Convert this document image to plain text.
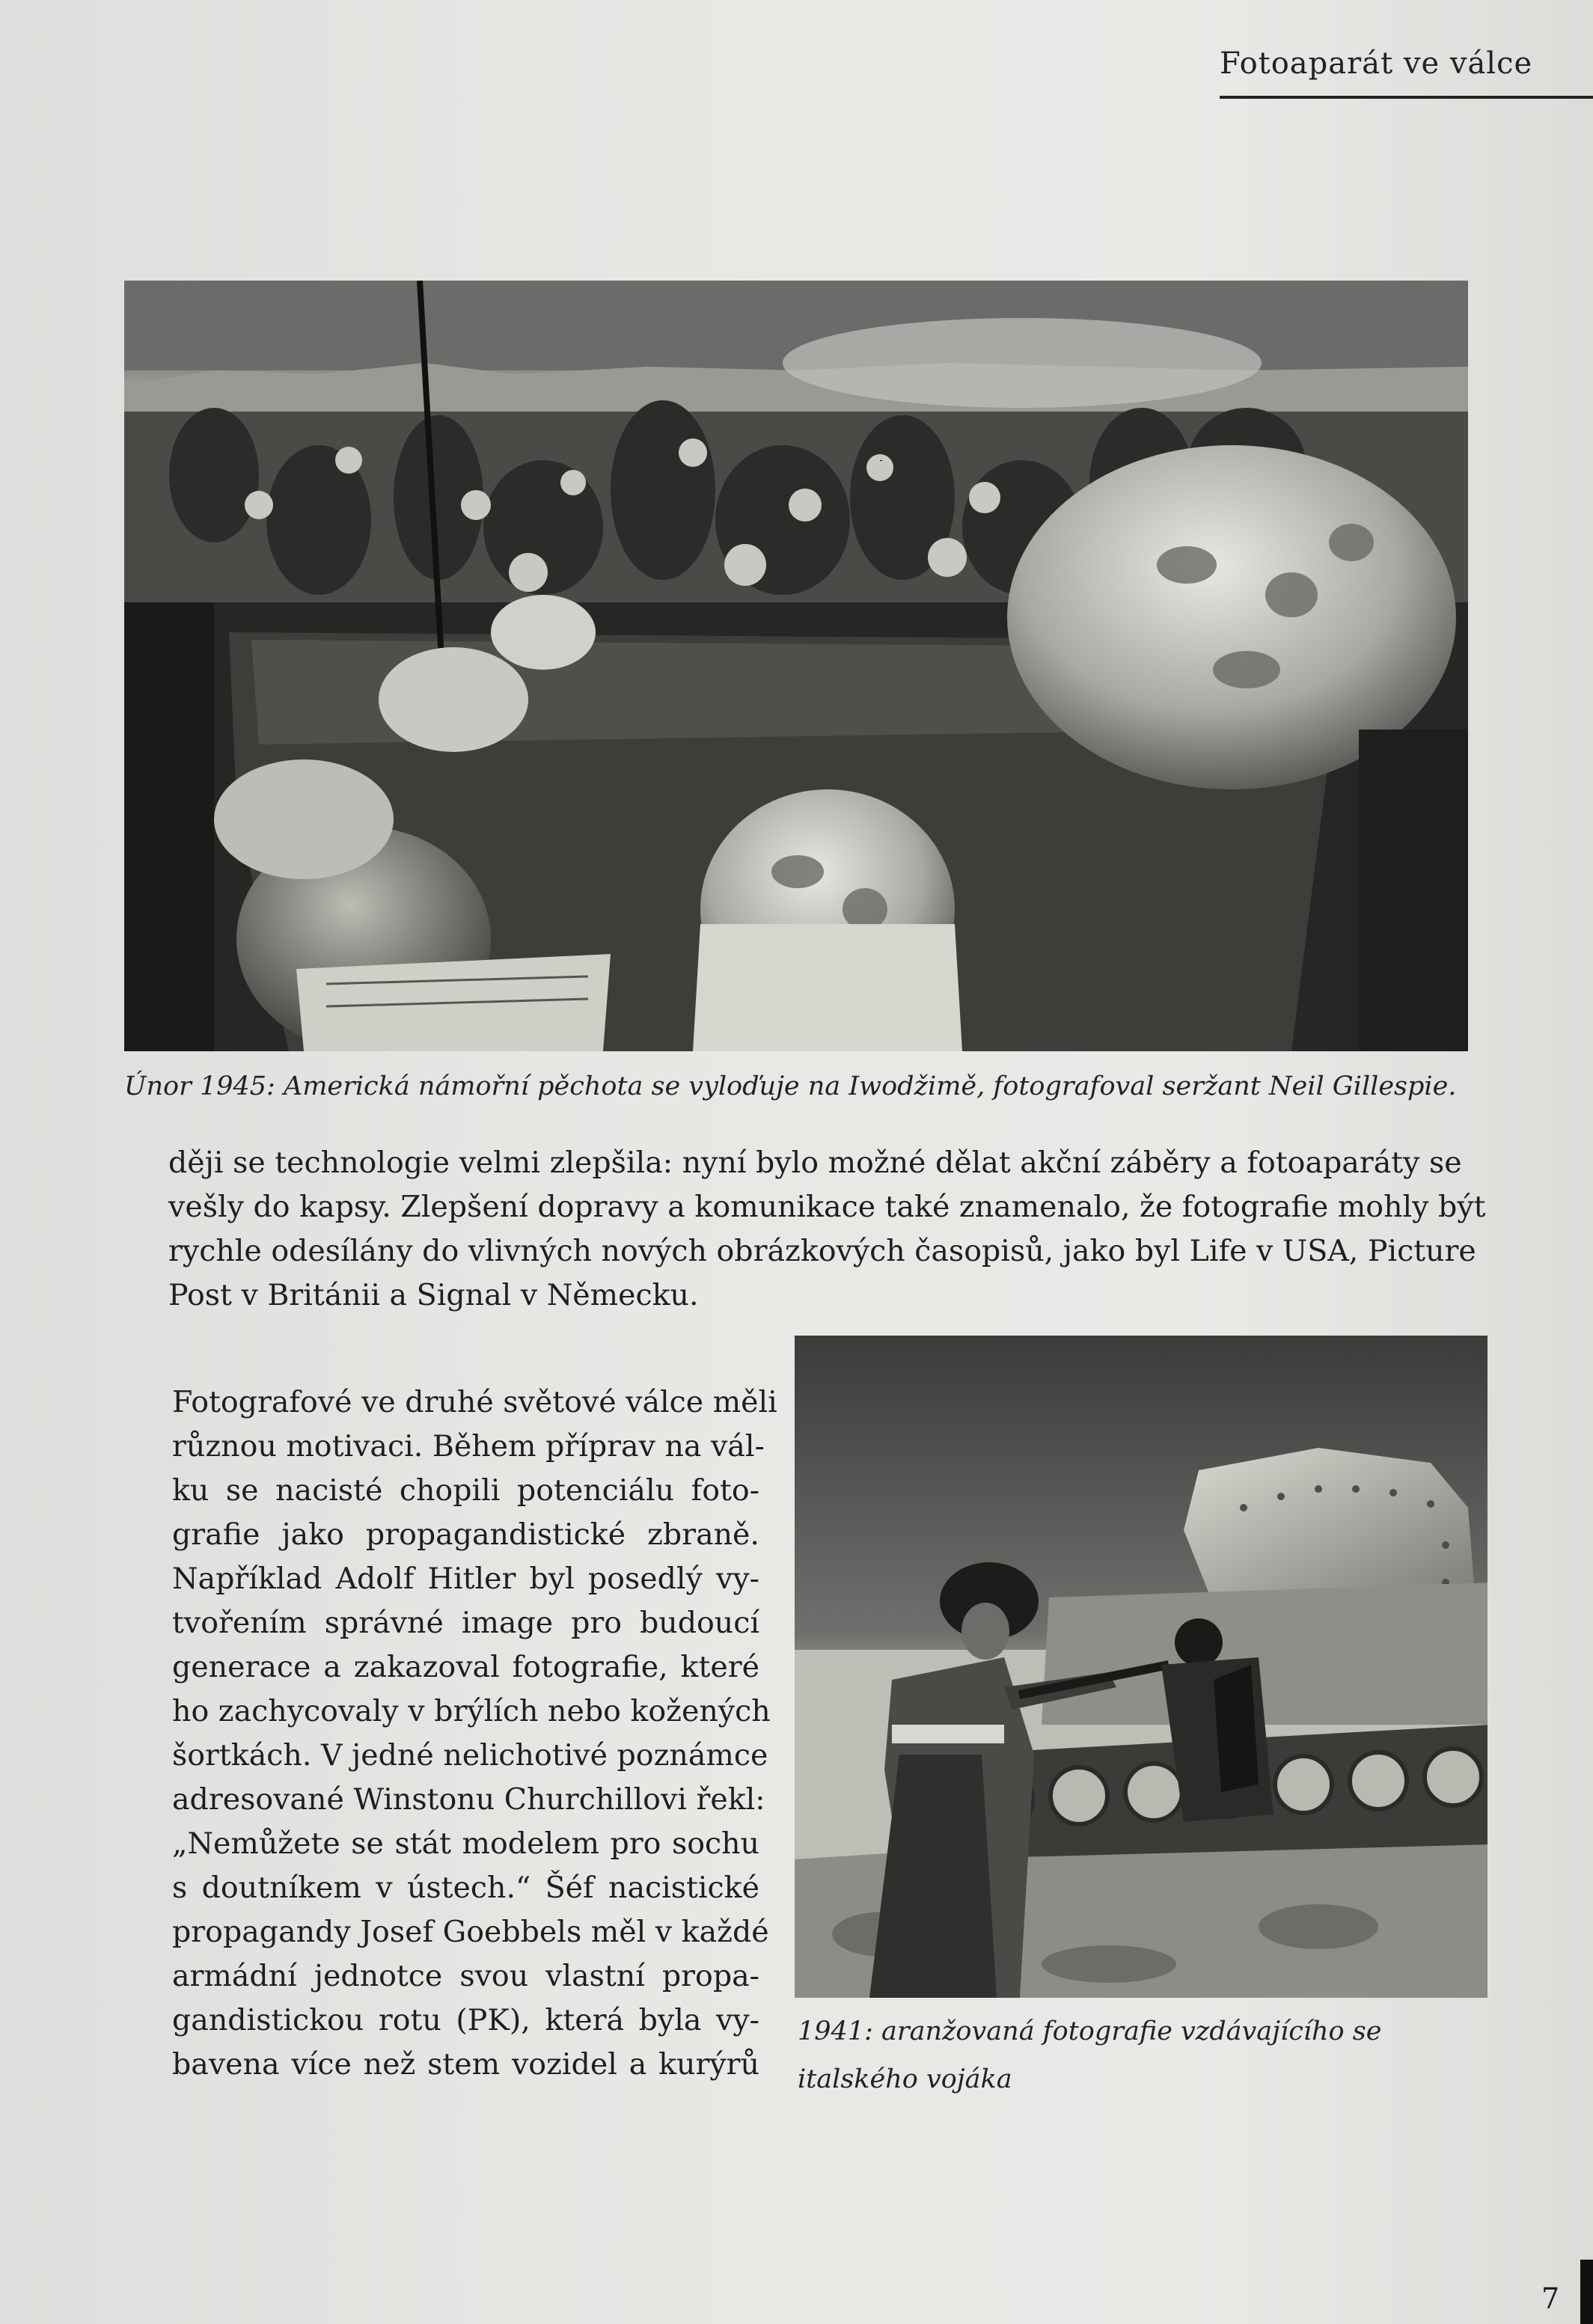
Fotoaparát ve válce
Únor 1945: Americká námořní pěchota se vyloďuje na Iwodžimě, fotografoval seržant Neil Gillespie.
ději se technologie velmi zlepšila: nyní bylo možné dělat akční záběry a fotoaparáty se
vešly do kapsy. Zlepšení dopravy a komunikace také znamenalo, že fotografie mohly být
rychle odesílány do vlivných nových obrázkových časopisů, jako byl Life v USA, Picture
Post v Británii a Signal v Německu.
1941: aranžovaná fotografie vzdávajícího se
italského vojáka
Fotografové ve druhé světové válce měli
různou motivaci. Během příprav na vál-
ku se nacisté chopili potenciálu foto-
grafie jako propagandistické zbraně.
Například Adolf Hitler byl posedlý vy-
tvořením správné image pro budoucí
generace a zakazoval fotografie, které
ho zachycovaly v brýlích nebo kožených
šortkách. V jedné nelichotivé poznámce
adresované Winstonu Churchillovi řekl:
„Nemůžete se stát modelem pro sochu
s doutníkem v ústech.“ Šéf nacistické
propagandy Josef Goebbels měl v každé
armádní jednotce svou vlastní propa-
gandistickou rotu (PK), která byla vy-
bavena více než stem vozidel a kurýrů
7
